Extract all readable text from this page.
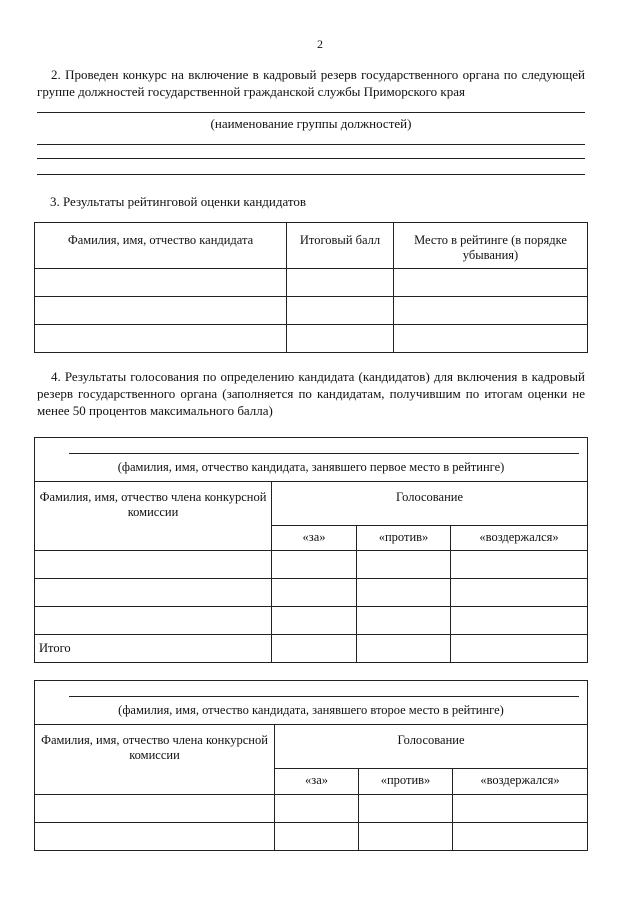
2
2. Проведен конкурс на включение в кадровый резерв государственного органа по следующей группе должностей государственной гражданской службы Приморского края
(наименование группы должностей)
3. Результаты рейтинговой оценки кандидатов
Фамилия, имя, отчество кандидата	Итоговый балл	Место в рейтинге (в порядке убывания)

4. Результаты голосования по определению кандидата (кандидатов) для включения в кадровый резерв государственного органа (заполняется по кандидатам, получившим по итогам оценки не менее 50 процентов максимального балла)
(фамилия, имя, отчество кандидата, занявшего первое место в рейтинге)			

Фамилия, имя, отчество члена конкурсной комиссии	Голосование		
	«за»	«против»	«воздержался»

Итого			
(фамилия, имя, отчество кандидата, занявшего второе место в рейтинге)			

Фамилия, имя, отчество члена конкурсной комиссии	Голосование		
	«за»	«против»	«воздержался»
